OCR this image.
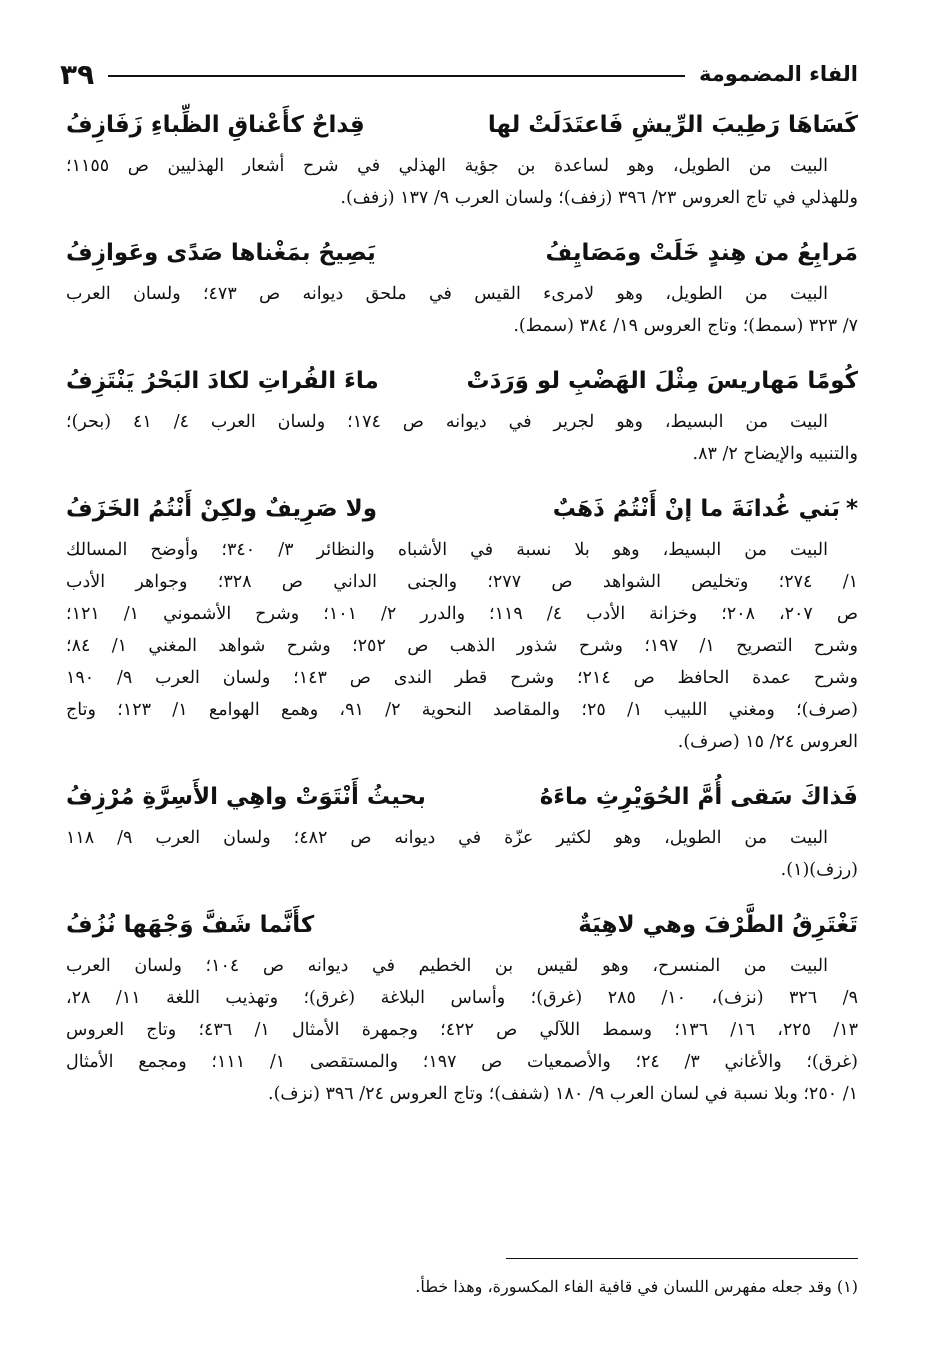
الفاء المضمومة
٣٩
كَسَاهَا رَطِيبَ الرِّيشِ فَاعتَدَلَتْ لها
قِداحٌ كأَعْناقِ الظِّباءِ زَفَازِفُ
البيت من الطويل، وهو لساعدة بن جؤية الهذلي في شرح أشعار الهذليين ص ١١٥٥؛
وللهذلي في تاج العروس ٢٣/ ٣٩٦ (زفف)؛ ولسان العرب ٩/ ١٣٧ (زفف).
مَرابِعُ من هِندٍ خَلَتْ ومَصَايِفُ
يَصِيحُ بمَغْناها صَدًى وعَوازِفُ
البيت من الطويل، وهو لامرىء القيس في ملحق ديوانه ص ٤٧٣؛ ولسان العرب
٧/ ٣٢٣ (سمط)؛ وتاج العروس ١٩/ ٣٨٤ (سمط).
كُومًا مَهاريسَ مِثْلَ الهَضْبِ لو وَرَدَتْ
ماءَ الفُراتِ لكادَ البَحْرُ يَنْتَزِفُ
البيت من البسيط، وهو لجرير في ديوانه ص ١٧٤؛ ولسان العرب ٤/ ٤١ (بحر)؛
والتنبيه والإيضاح ٢/ ٨٣.
*بَني غُدانَةَ ما إنْ أَنْتُمُ ذَهَبٌ
ولا صَرِيفٌ ولكِنْ أَنْتُمُ الخَزَفُ
البيت من البسيط، وهو بلا نسبة في الأشباه والنظائر ٣/ ٣٤٠؛ وأوضح المسالك
١/ ٢٧٤؛ وتخليص الشواهد ص ٢٧٧؛ والجنى الداني ص ٣٢٨؛ وجواهر الأدب
ص ٢٠٧، ٢٠٨؛ وخزانة الأدب ٤/ ١١٩؛ والدرر ٢/ ١٠١؛ وشرح الأشموني ١/ ١٢١؛
وشرح التصريح ١/ ١٩٧؛ وشرح شذور الذهب ص ٢٥٢؛ وشرح شواهد المغني ١/ ٨٤؛
وشرح عمدة الحافظ ص ٢١٤؛ وشرح قطر الندى ص ١٤٣؛ ولسان العرب ٩/ ١٩٠
(صرف)؛ ومغني اللبيب ١/ ٢٥؛ والمقاصد النحوية ٢/ ٩١، وهمع الهوامع ١/ ١٢٣؛ وتاج
العروس ٢٤/ ١٥ (صرف).
فَذاكَ سَقى أُمَّ الحُوَيْرِثِ ماءَهُ
بحيثُ أَنْتَوَتْ واهِي الأَسِرَّةِ مُرْزِفُ
البيت من الطويل، وهو لكثير عزّة في ديوانه ص ٤٨٢؛ ولسان العرب ٩/ ١١٨
(رزف)(١).
تَغْتَرِقُ الطَّرْفَ وهي لاهِيَةٌ
كأَنَّما شَفَّ وَجْهَها نُزُفُ
البيت من المنسرح، وهو لقيس بن الخطيم في ديوانه ص ١٠٤؛ ولسان العرب
٩/ ٣٢٦ (نزف)، ١٠/ ٢٨٥ (غرق)؛ وأساس البلاغة (غرق)؛ وتهذيب اللغة ١١/ ٢٨،
١٣/ ٢٢٥، ١٦/ ١٣٦؛ وسمط اللآلي ص ٤٢٢؛ وجمهرة الأمثال ١/ ٤٣٦؛ وتاج العروس
(غرق)؛ والأغاني ٣/ ٢٤؛ والأصمعيات ص ١٩٧؛ والمستقصى ١/ ١١١؛ ومجمع الأمثال
١/ ٢٥٠؛ وبلا نسبة في لسان العرب ٩/ ١٨٠ (شفف)؛ وتاج العروس ٢٤/ ٣٩٦ (نزف).
(١) وقد جعله مفهرس اللسان في قافية الفاء المكسورة، وهذا خطأ.
